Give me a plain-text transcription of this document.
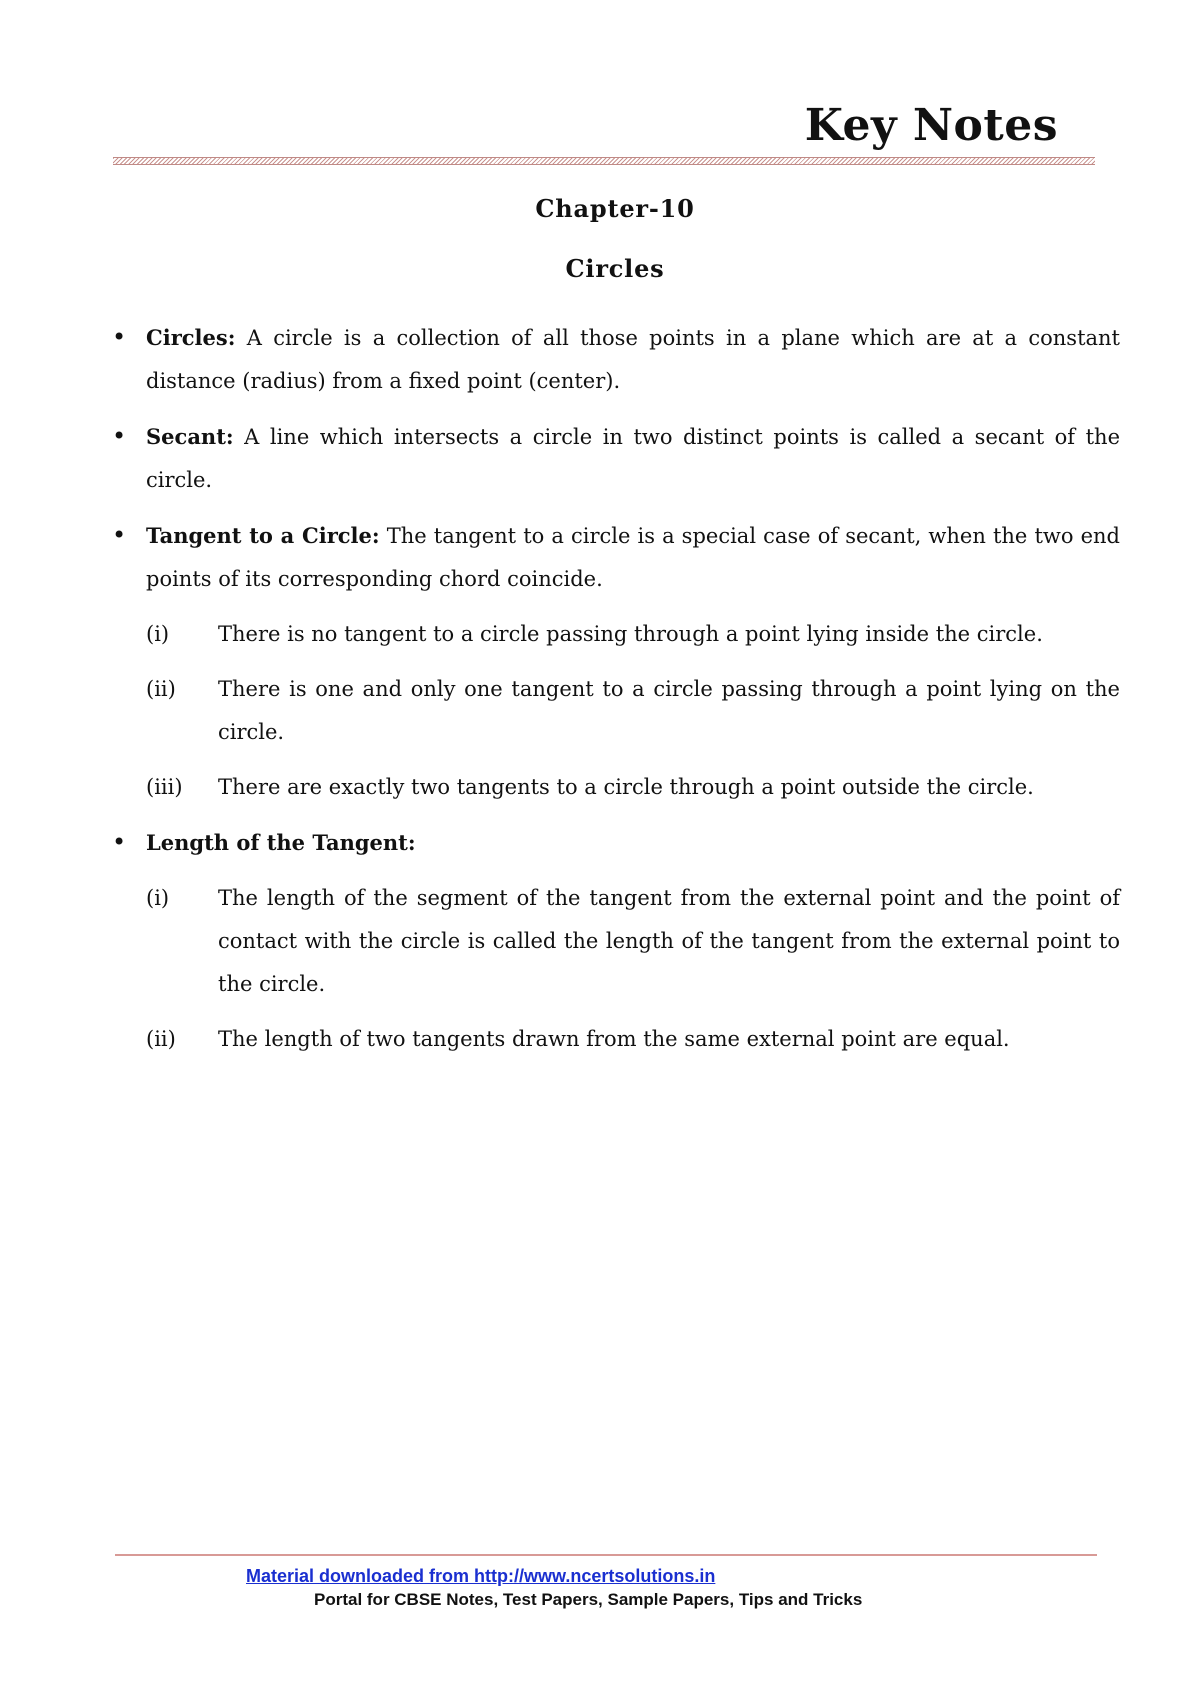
Key Notes
Chapter-10
Circles
• Circles: A circle is a collection of all those points in a plane which are at a constant distance (radius) from a fixed point (center).
• Secant: A line which intersects a circle in two distinct points is called a secant of the circle.
• Tangent to a Circle: The tangent to a circle is a special case of secant, when the two end points of its corresponding chord coincide.
(i) There is no tangent to a circle passing through a point lying inside the circle.
(ii) There is one and only one tangent to a circle passing through a point lying on the circle.
(iii) There are exactly two tangents to a circle through a point outside the circle.
• Length of the Tangent:
(i) The length of the segment of the tangent from the external point and the point of contact with the circle is called the length of the tangent from the external point to the circle.
(ii) The length of two tangents drawn from the same external point are equal.
Material downloaded from http://www.ncertsolutions.in
Portal for CBSE Notes, Test Papers, Sample Papers, Tips and Tricks
